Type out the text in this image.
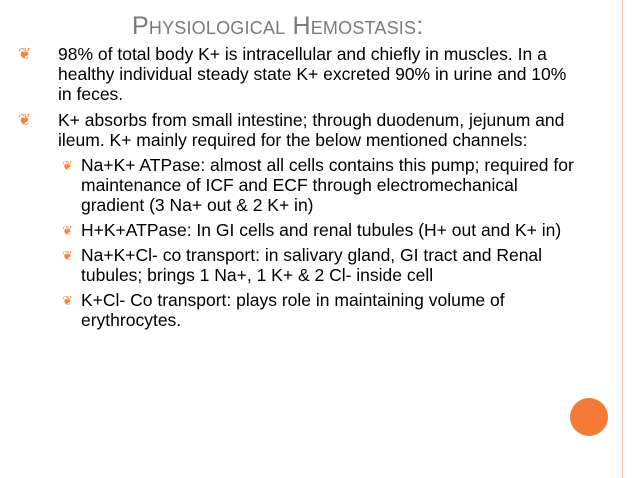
Physiological Hemostasis:
❦ 98% of total body K+ is intracellular and chiefly in muscles. In a healthy individual steady state K+ excreted 90% in urine and 10% in feces.
❦ K+ absorbs from small intestine; through duodenum, jejunum and ileum. K+ mainly required for the below mentioned channels:
❦ Na+K+ ATPase: almost all cells contains this pump; required for maintenance of ICF and ECF through electromechanical gradient (3 Na+ out & 2 K+ in)
❦ H+K+ATPase: In GI cells and renal tubules (H+ out and K+ in)
❦ Na+K+Cl- co transport: in salivary gland, GI tract and Renal tubules; brings 1 Na+, 1 K+ & 2 Cl- inside cell
❦ K+Cl- Co transport: plays role in maintaining volume of erythrocytes.
